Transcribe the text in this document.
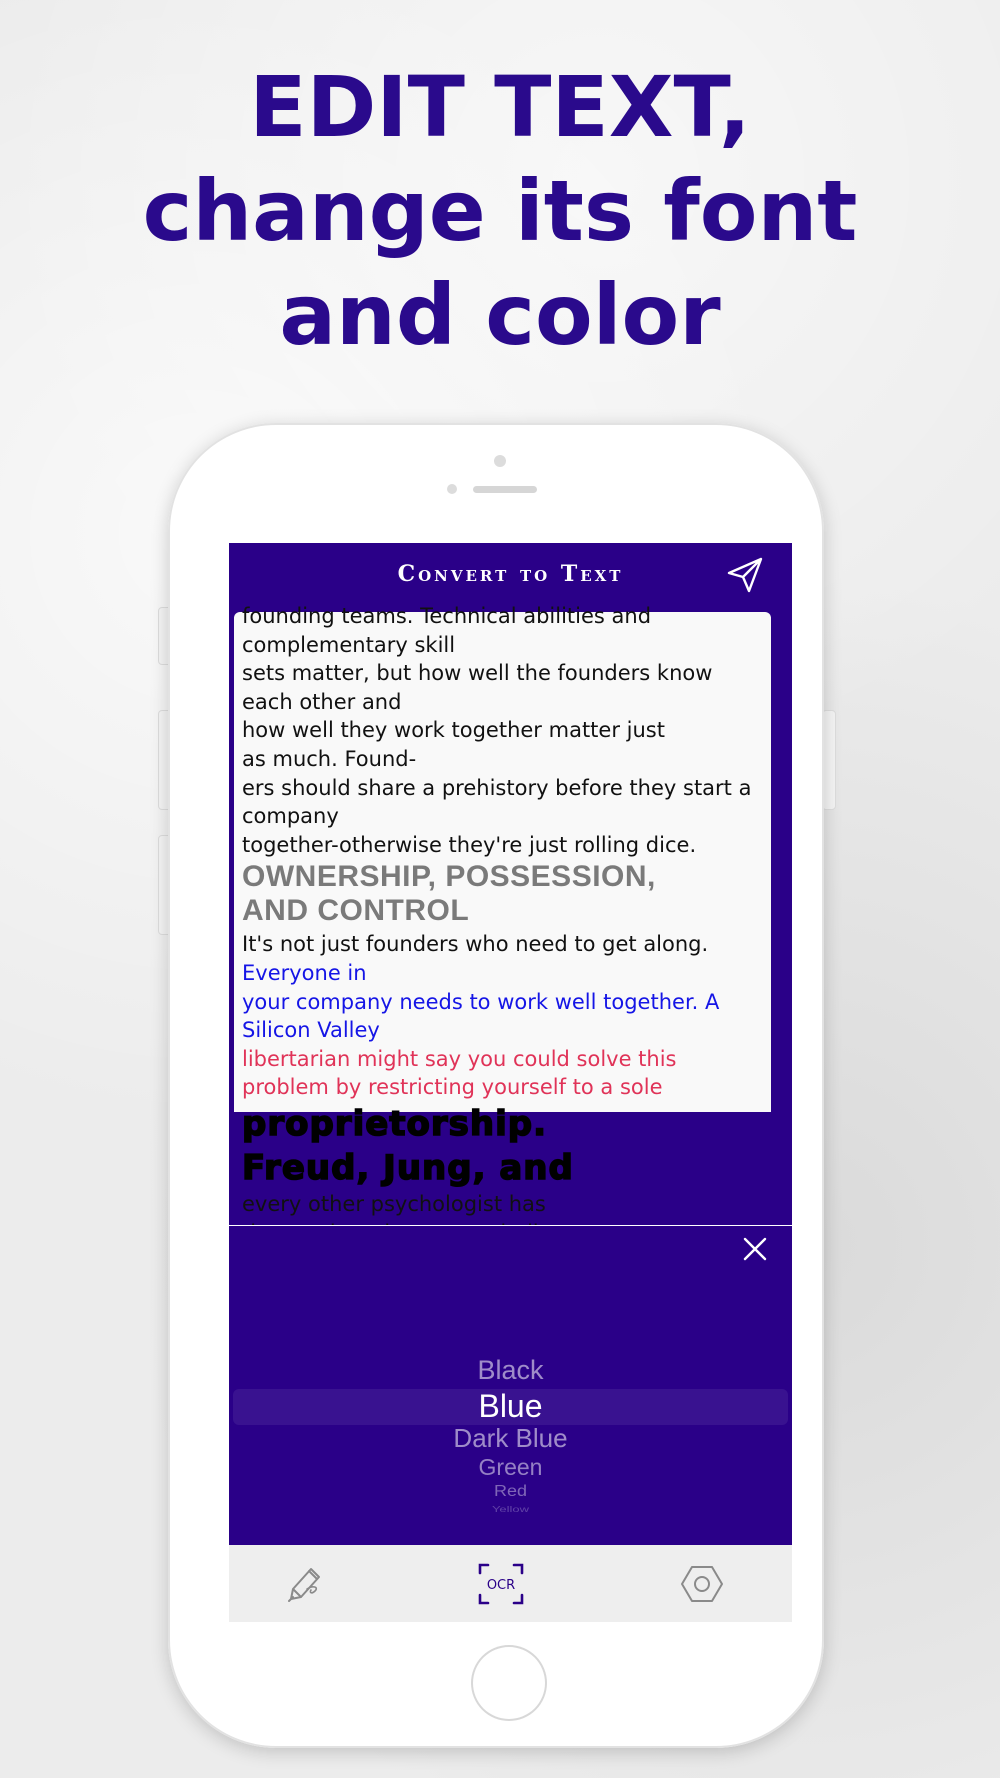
EDIT TEXT,
change its font
and color
Convert to Text

founding teams. Technical abilities and

complementary skill

sets matter, but how well the founders know

each other and

how well they work together matter just

as much. Found-

ers should share a prehistory before they start a

company

together-otherwise they're just rolling dice.

OWNERSHIP, POSSESSION,
AND CONTROL

It's not just founders who need to get along.

Everyone in

your company needs to work well together. A

Silicon Valley

libertarian might say you could solve this

problem by restricting yourself to a sole

proprietorship.

Freud, Jung, and

every other psychologist has

Black
Blue
Dark Blue
Green
Red
Yellow
OCR
